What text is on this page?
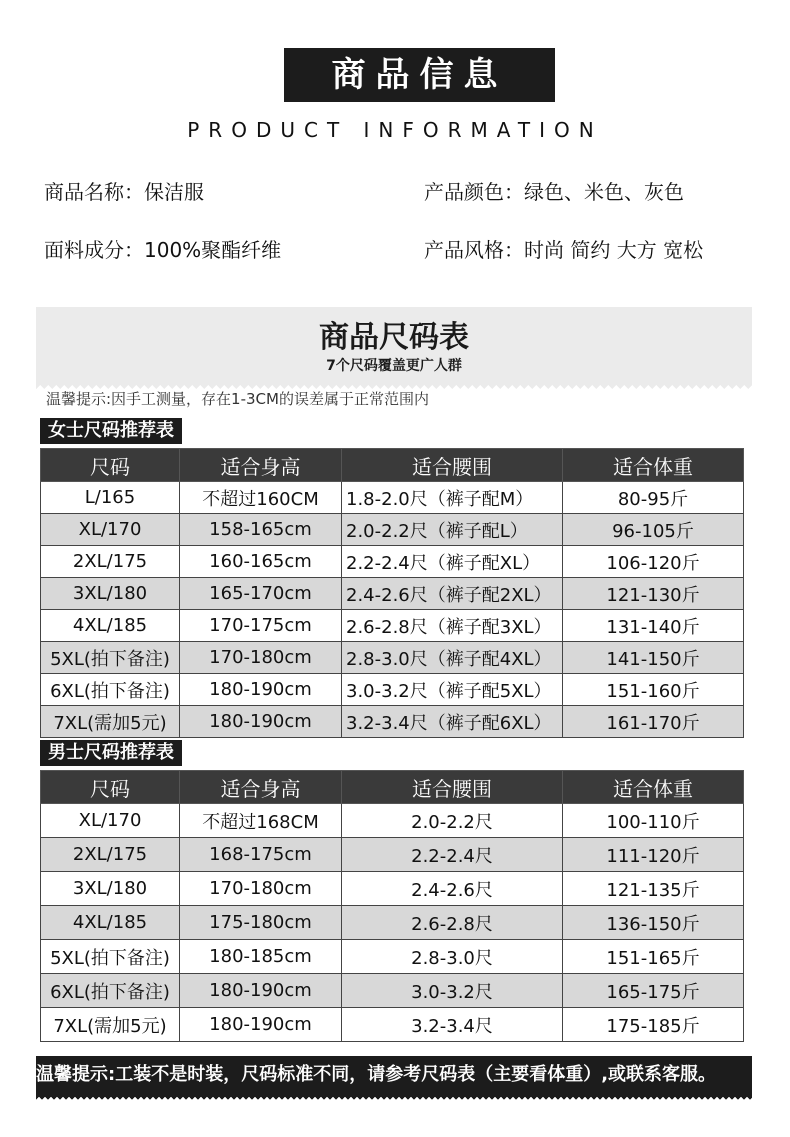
商品信息
PRODUCT INFORMATION
商品名称：保洁服	产品颜色：绿色、米色、灰色
面料成分：100%聚酯纤维	产品风格：时尚 简约 大方 宽松
商品尺码表
7个尺码覆盖更广人群
温馨提示:因手工测量，存在1-3CM的误差属于正常范围内
女士尺码推荐表
尺码	适合身高	适合腰围	适合体重
L/165	不超过160CM	1.8-2.0尺（裤子配M）	80-95斤
XL/170	158-165cm	2.0-2.2尺（裤子配L）	96-105斤
2XL/175	160-165cm	2.2-2.4尺（裤子配XL）	106-120斤
3XL/180	165-170cm	2.4-2.6尺（裤子配2XL）	121-130斤
4XL/185	170-175cm	2.6-2.8尺（裤子配3XL）	131-140斤
5XL(拍下备注)	170-180cm	2.8-3.0尺（裤子配4XL）	141-150斤
6XL(拍下备注)	180-190cm	3.0-3.2尺（裤子配5XL）	151-160斤
7XL(需加5元)	180-190cm	3.2-3.4尺（裤子配6XL）	161-170斤
男士尺码推荐表
尺码	适合身高	适合腰围	适合体重
XL/170	不超过168CM	2.0-2.2尺	100-110斤
2XL/175	168-175cm	2.2-2.4尺	111-120斤
3XL/180	170-180cm	2.4-2.6尺	121-135斤
4XL/185	175-180cm	2.6-2.8尺	136-150斤
5XL(拍下备注)	180-185cm	2.8-3.0尺	151-165斤
6XL(拍下备注)	180-190cm	3.0-3.2尺	165-175斤
7XL(需加5元)	180-190cm	3.2-3.4尺	175-185斤
温馨提示:工装不是时装，尺码标准不同，请参考尺码表（主要看体重）,或联系客服。
